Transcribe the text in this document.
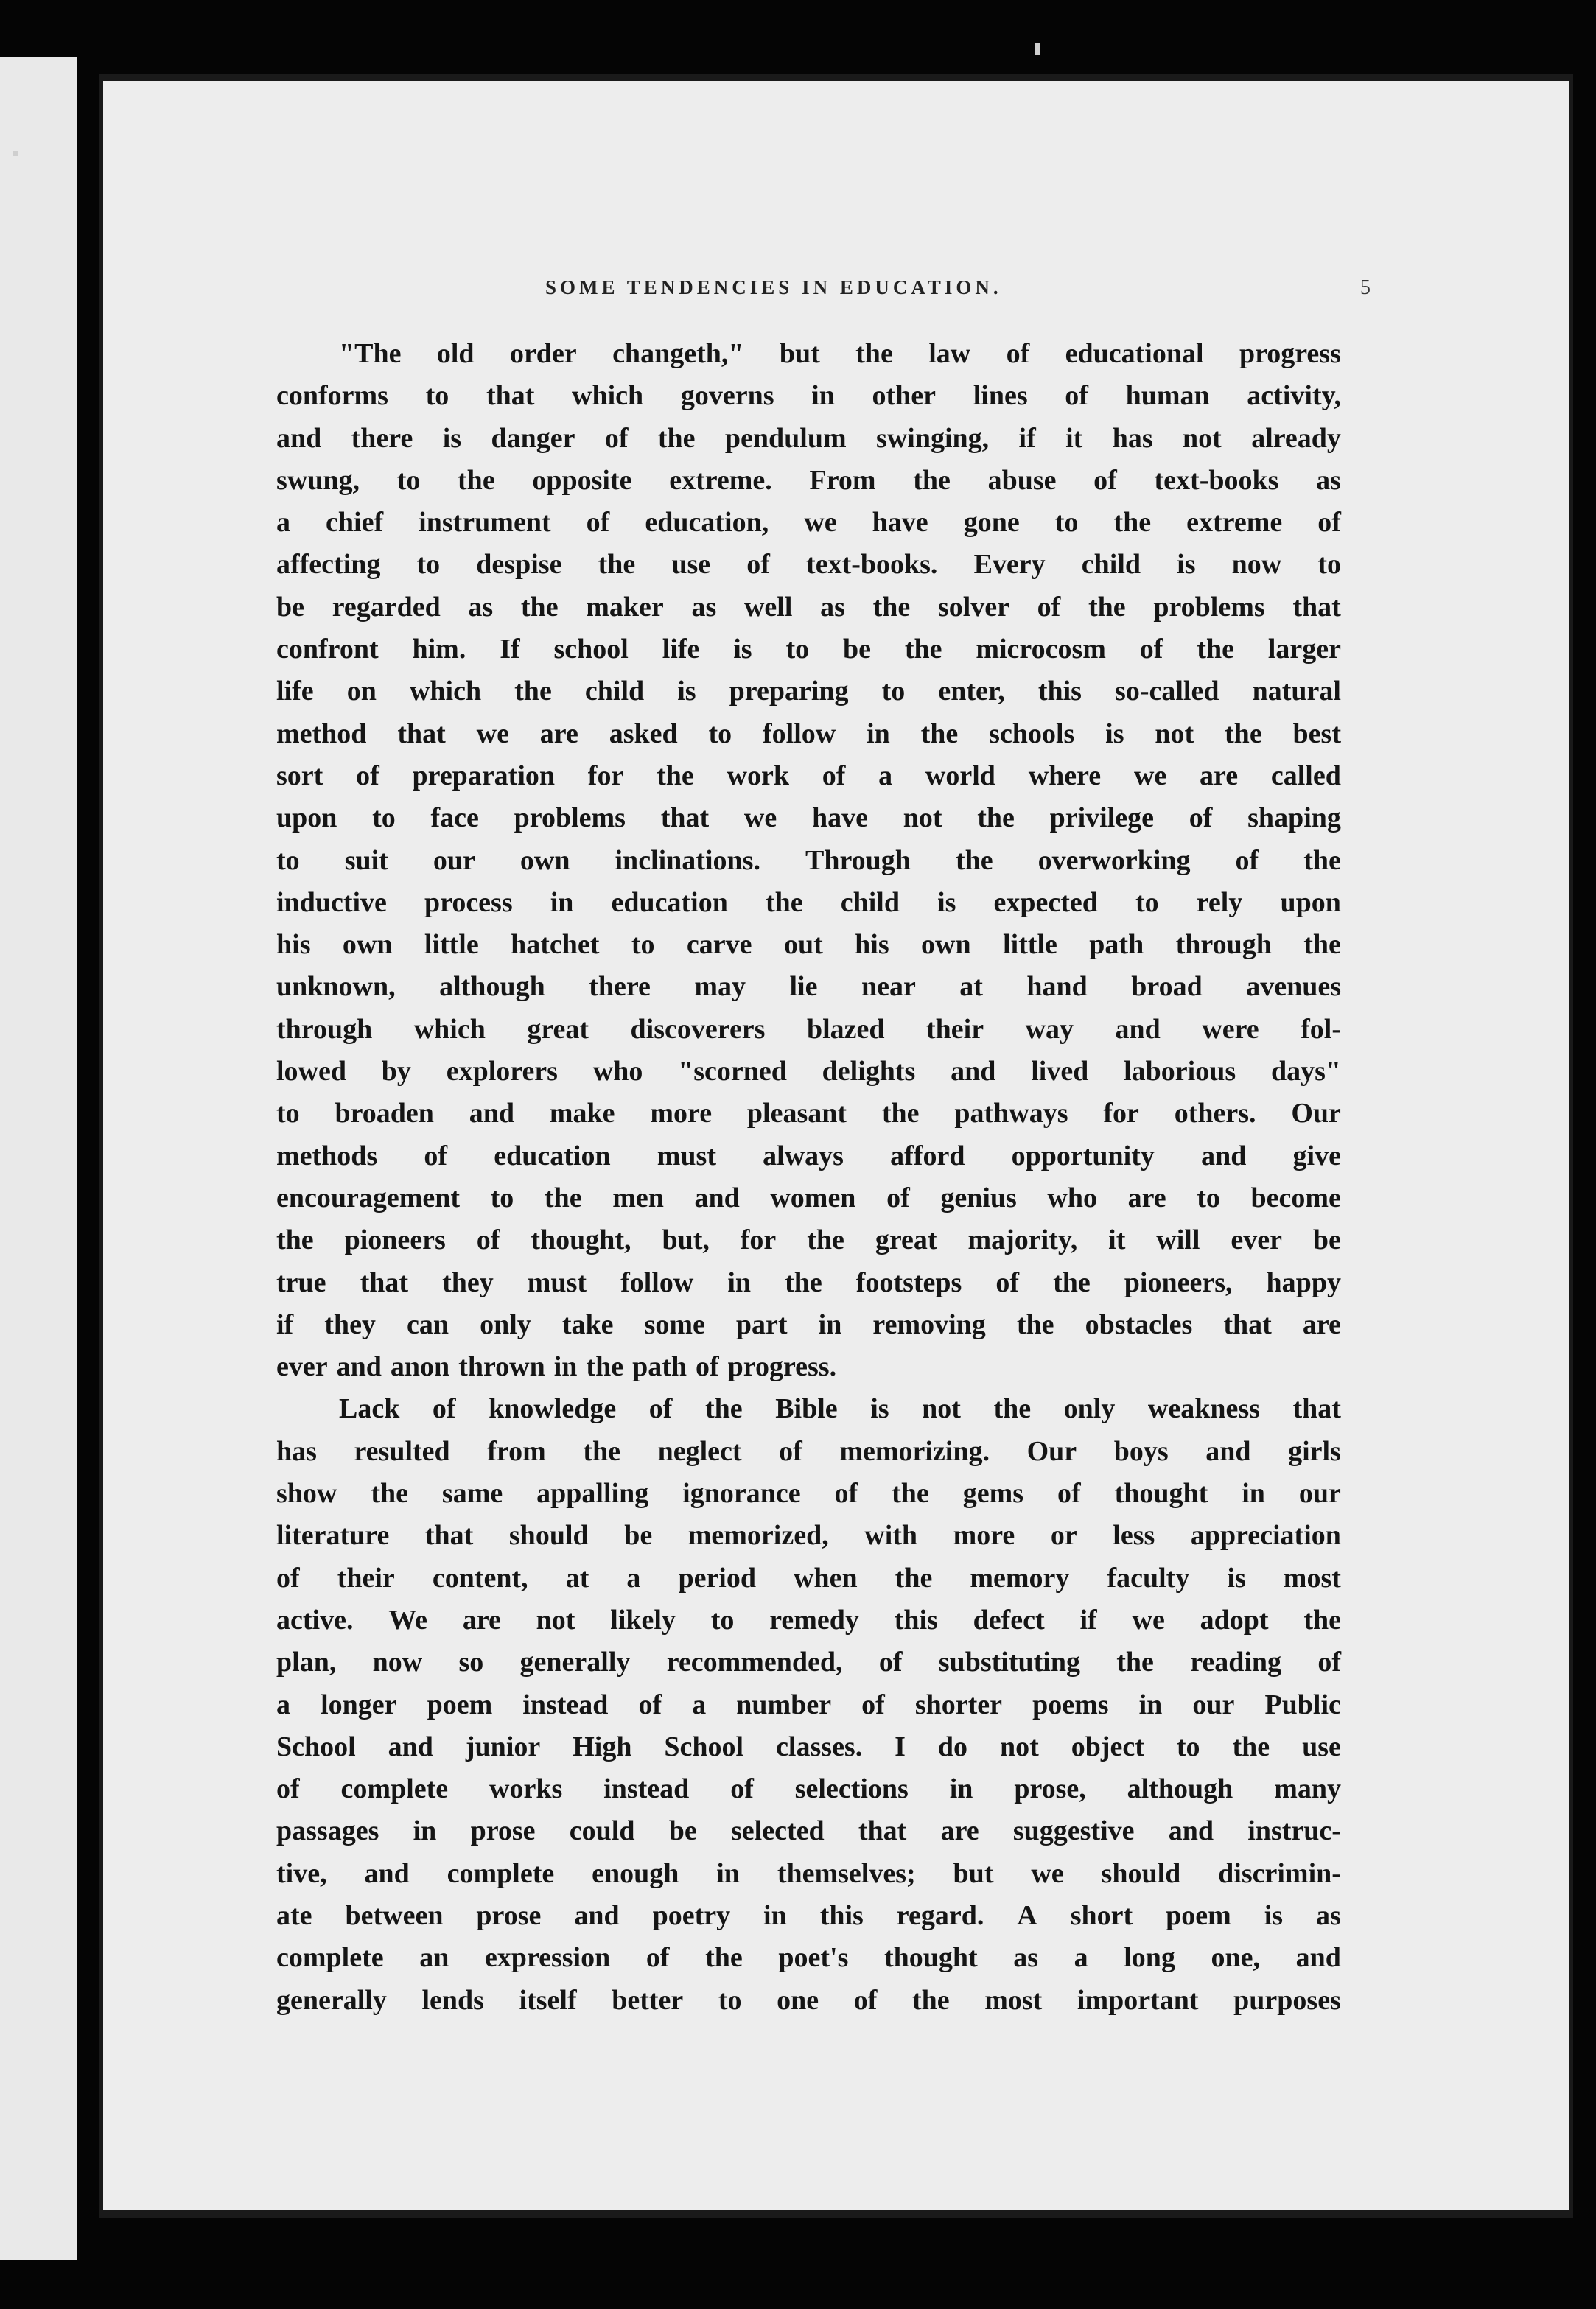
SOME TENDENCIES IN EDUCATION.	5
"The old order changeth," but the law of educational progress
conforms to that which governs in other lines of human activity,
and there is danger of the pendulum swinging, if it has not already
swung, to the opposite extreme. From the abuse of text-books as
a chief instrument of education, we have gone to the extreme of
affecting to despise the use of text-books. Every child is now to
be regarded as the maker as well as the solver of the problems that
confront him. If school life is to be the microcosm of the larger
life on which the child is preparing to enter, this so-called natural
method that we are asked to follow in the schools is not the best
sort of preparation for the work of a world where we are called
upon to face problems that we have not the privilege of shaping
to suit our own inclinations. Through the overworking of the
inductive process in education the child is expected to rely upon
his own little hatchet to carve out his own little path through the
unknown, although there may lie near at hand broad avenues
through which great discoverers blazed their way and were fol-
lowed by explorers who "scorned delights and lived laborious days"
to broaden and make more pleasant the pathways for others. Our
methods of education must always afford opportunity and give
encouragement to the men and women of genius who are to become
the pioneers of thought, but, for the great majority, it will ever be
true that they must follow in the footsteps of the pioneers, happy
if they can only take some part in removing the obstacles that are
ever and anon thrown in the path of progress.
Lack of knowledge of the Bible is not the only weakness that
has resulted from the neglect of memorizing. Our boys and girls
show the same appalling ignorance of the gems of thought in our
literature that should be memorized, with more or less appreciation
of their content, at a period when the memory faculty is most
active. We are not likely to remedy this defect if we adopt the
plan, now so generally recommended, of substituting the reading of
a longer poem instead of a number of shorter poems in our Public
School and junior High School classes. I do not object to the use
of complete works instead of selections in prose, although many
passages in prose could be selected that are suggestive and instruc-
tive, and complete enough in themselves; but we should discrimin-
ate between prose and poetry in this regard. A short poem is as
complete an expression of the poet's thought as a long one, and
generally lends itself better to one of the most important purposes
